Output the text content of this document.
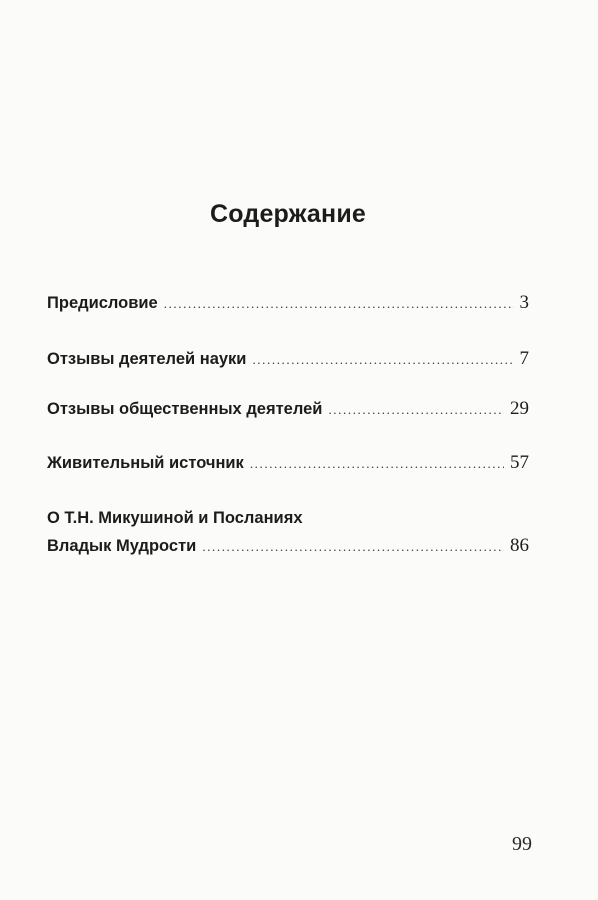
Содержание
Предисловие .....	3
Отзывы деятелей науки .....	7
Отзывы общественных деятелей .....	29
Живительный источник .....	57
О Т.Н. Микушиной и Посланиях
Владык Мудрости .....	86
99
